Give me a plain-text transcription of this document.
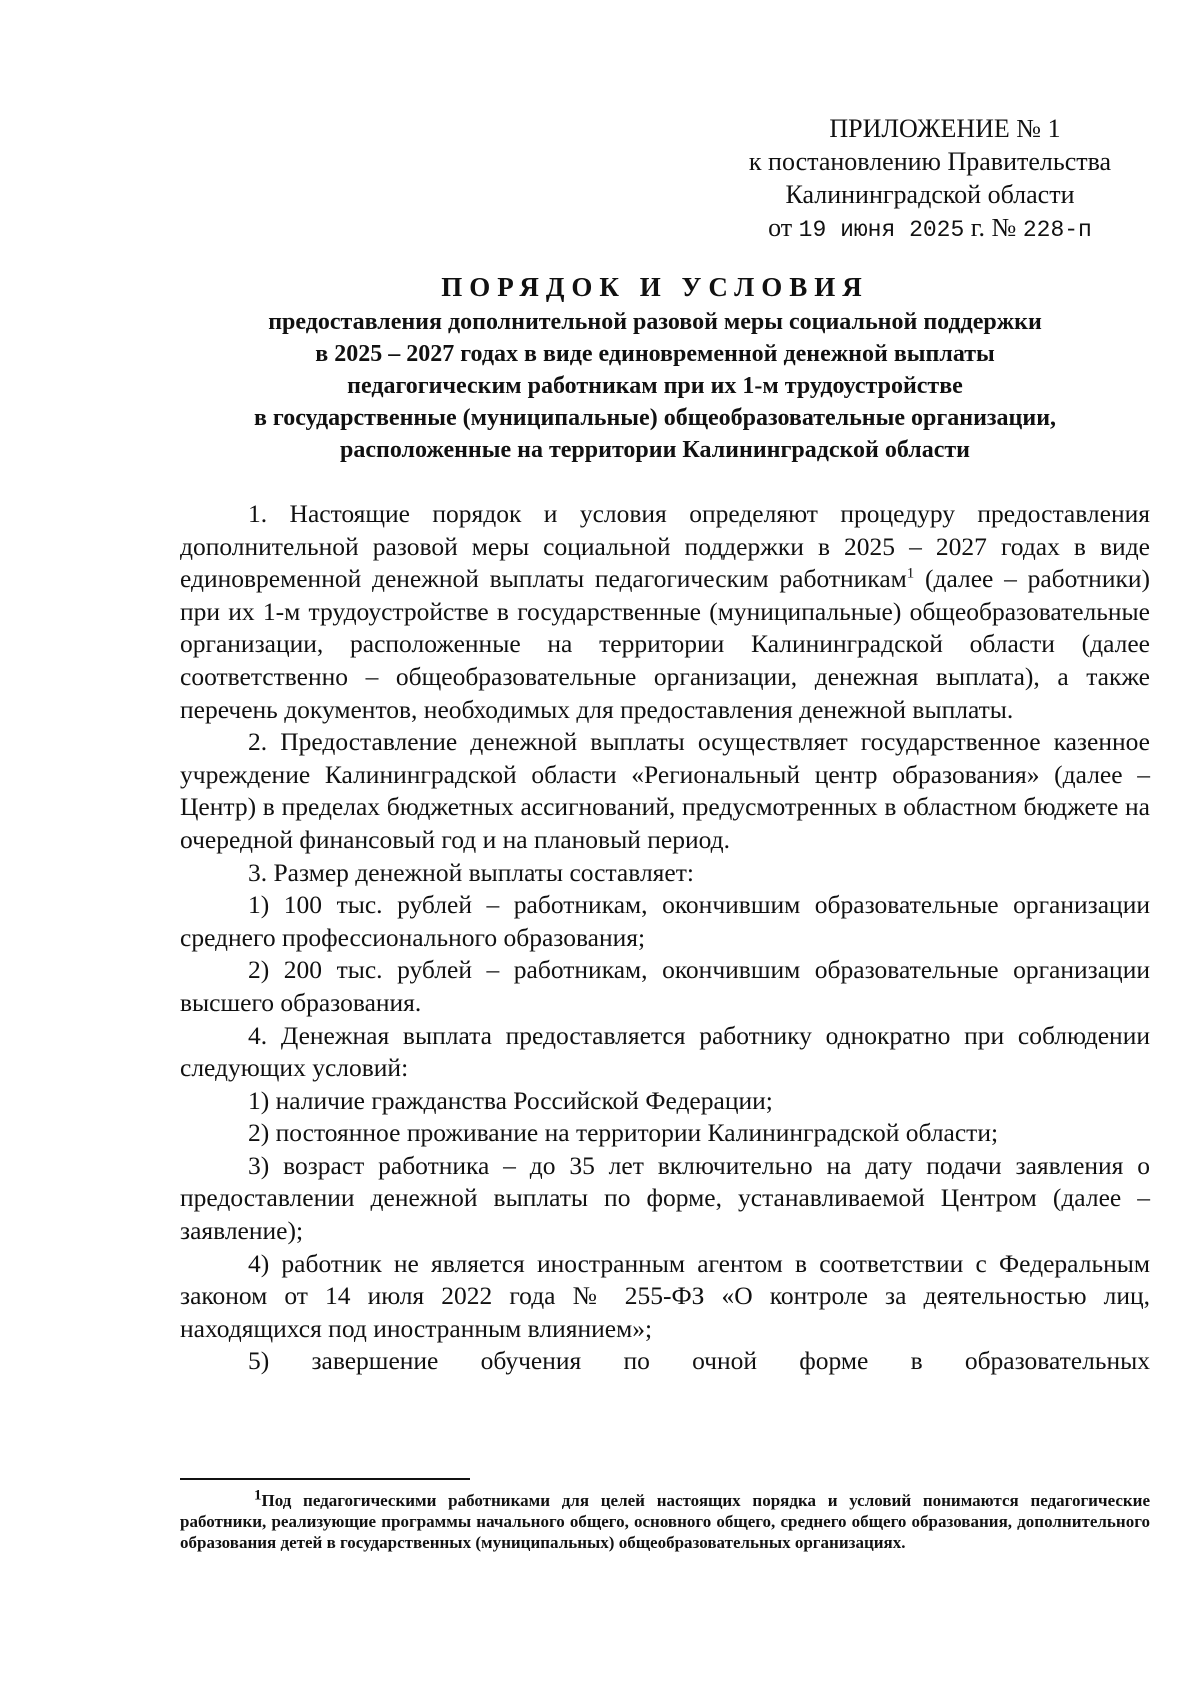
ПРИЛОЖЕНИЕ № 1
к постановлению Правительства
Калининградской области
от 19 июня 2025 г. № 228-п
ПОРЯДОК И УСЛОВИЯ
предоставления дополнительной разовой меры социальной поддержки
в 2025 – 2027 годах в виде единовременной денежной выплаты
педагогическим работникам при их 1-м трудоустройстве
в государственные (муниципальные) общеобразовательные организации,
расположенные на территории Калининградской области

1. Настоящие порядок и условия определяют процедуру предоставления дополнительной разовой меры социальной поддержки в 2025 – 2027 годах в виде единовременной денежной выплаты педагогическим работникам$^1$ (далее – работники) при их 1-м трудоустройстве в государственные (муниципальные) общеобразовательные организации, расположенные на территории Калининградской области (далее соответственно – общеобразовательные организации, денежная выплата), а также перечень документов, необходимых для предоставления денежной выплаты.

2. Предоставление денежной выплаты осуществляет государственное казенное учреждение Калининградской области «Региональный центр образования» (далее – Центр) в пределах бюджетных ассигнований, предусмотренных в областном бюджете на очередной финансовый год и на плановый период.

3. Размер денежной выплаты составляет:

1) 100 тыс. рублей – работникам, окончившим образовательные организации среднего профессионального образования;

2) 200 тыс. рублей – работникам, окончившим образовательные организации высшего образования.

4. Денежная выплата предоставляется работнику однократно при соблюдении следующих условий:

1) наличие гражданства Российской Федерации;

2) постоянное проживание на территории Калининградской области;

3) возраст работника – до 35 лет включительно на дату подачи заявления о предоставлении денежной выплаты по форме, устанавливаемой Центром (далее – заявление);

4) работник не является иностранным агентом в соответствии с Федеральным законом от 14 июля 2022 года № 255-ФЗ «О контроле за деятельностью лиц, находящихся под иностранным влиянием»;

5) завершение обучения по очной форме в образовательных

$^1$Под педагогическими работниками для целей настоящих порядка и условий понимаются педагогические работники, реализующие программы начального общего, основного общего, среднего общего образования, дополнительного образования детей в государственных (муниципальных) общеобразовательных организациях.
